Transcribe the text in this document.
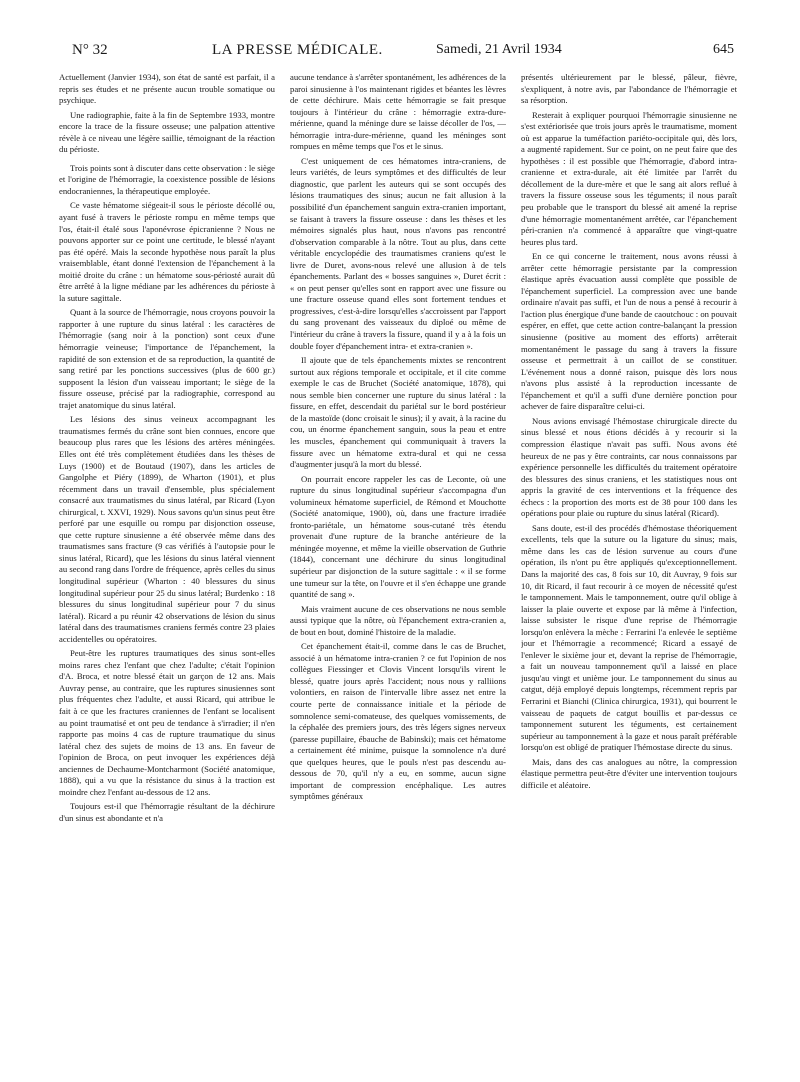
N° 32	LA PRESSE MÉDICALE.	Samedi, 21 Avril 1934	645

Actuellement (Janvier 1934), son état de santé est parfait, il a repris ses études et ne présente aucun trouble somatique ou psychique.

Une radiographie, faite à la fin de Septembre 1933, montre encore la trace de la fissure osseuse; une palpation attentive révèle à ce niveau une légère saillie, témoignant de la réaction du périoste.

Trois points sont à discuter dans cette observation : le siège et l'origine de l'hémorragie, la coexistence possible de lésions endocraniennes, la thérapeutique employée.

Ce vaste hématome siégeait-il sous le périoste décollé ou, ayant fusé à travers le périoste rompu en même temps que l'os, était-il étalé sous l'aponévrose épicranienne ? Nous ne pouvons apporter sur ce point une certitude, le blessé n'ayant pas été opéré. Mais la seconde hypothèse nous paraît la plus vraisemblable, étant donné l'extension de l'épanchement à la moitié droite du crâne : un hématome sous-périosté aurait dû être arrêté à la ligne médiane par les adhérences du périoste à la suture sagittale.

Quant à la source de l'hémorragie, nous croyons pouvoir la rapporter à une rupture du sinus latéral : les caractères de l'hémorragie (sang noir à la ponction) sont ceux d'une hémorragie veineuse; l'importance de l'épanchement, la rapidité de son extension et de sa reproduction, la quantité de sang retiré par les ponctions successives (plus de 600 gr.) supposent la lésion d'un vaisseau important; le siège de la fissure osseuse, précisé par la radiographie, correspond au trajet anatomique du sinus latéral.

Les lésions des sinus veineux accompagnant les traumatismes fermés du crâne sont bien connues, encore que beaucoup plus rares que les lésions des artères méningées. Elles ont été très complètement étudiées dans les thèses de Luys (1900) et de Boutaud (1907), dans les articles de Gangolphe et Piéry (1899), de Wharton (1901), et plus récemment dans un travail d'ensemble, plus spécialement consacré aux traumatismes du sinus latéral, par Ricard (Lyon chirurgical, t. XXVI, 1929). Nous savons qu'un sinus peut être perforé par une esquille ou rompu par disjonction osseuse, que cette rupture sinusienne a été observée même dans des traumatismes sans fracture (9 cas vérifiés à l'autopsie pour le sinus latéral, Ricard), que les lésions du sinus latéral viennent au second rang dans l'ordre de fréquence, après celles du sinus longitudinal supérieur (Wharton : 40 blessures du sinus longitudinal supérieur pour 25 du sinus latéral; Burdenko : 18 blessures du sinus longitudinal supérieur pour 7 du sinus latéral). Ricard a pu réunir 42 observations de lésion du sinus latéral dans des traumatismes craniens fermés contre 23 plaies accidentelles ou opératoires.

Peut-être les ruptures traumatiques des sinus sont-elles moins rares chez l'enfant que chez l'adulte; c'était l'opinion d'A. Broca, et notre blessé était un garçon de 12 ans. Mais Auvray pense, au contraire, que les ruptures sinusiennes sont plus fréquentes chez l'adulte, et aussi Ricard, qui attribue le fait à ce que les fractures craniennes de l'enfant se localisent au point traumatisé et ont peu de tendance à s'irradier; il n'en rapporte pas moins 4 cas de rupture traumatique du sinus latéral chez des sujets de moins de 13 ans. En faveur de l'opinion de Broca, on peut invoquer les expériences déjà anciennes de Dechaume-Montcharmont (Société anatomique, 1888), qui a vu que la résistance du sinus à la traction est moindre chez l'enfant au-dessous de 12 ans.

Toujours est-il que l'hémorragie résultant de la déchirure d'un sinus est abondante et n'a

aucune tendance à s'arrêter spontanément, les adhérences de la paroi sinusienne à l'os maintenant rigides et béantes les lèvres de cette déchirure. Mais cette hémorragie se fait presque toujours à l'intérieur du crâne : hémorragie extra-dure-mérienne, quand la méninge dure se laisse décoller de l'os, — hémorragie intra-dure-mérienne, quand les méninges sont rompues en même temps que l'os et le sinus.

C'est uniquement de ces hématomes intra-craniens, de leurs variétés, de leurs symptômes et des difficultés de leur diagnostic, que parlent les auteurs qui se sont occupés des lésions traumatiques des sinus; aucun ne fait allusion à la possibilité d'un épanchement sanguin extra-cranien important, se faisant à travers la fissure osseuse : dans les thèses et les mémoires signalés plus haut, nous n'avons pas rencontré d'observation comparable à la nôtre. Tout au plus, dans cette véritable encyclopédie des traumatismes craniens qu'est le livre de Duret, avons-nous relevé une allusion à de tels épanchements. Parlant des « bosses sanguines », Duret écrit : « on peut penser qu'elles sont en rapport avec une fissure ou une fracture osseuse quand elles sont fortement tendues et progressives, c'est-à-dire lorsqu'elles s'accroissent par l'apport du sang provenant des vaisseaux du diploé ou même de l'intérieur du crâne à travers la fissure, quand il y a à la fois un double foyer d'épanchement intra- et extra-cranien ».

Il ajoute que de tels épanchements mixtes se rencontrent surtout aux régions temporale et occipitale, et il cite comme exemple le cas de Bruchet (Société anatomique, 1878), qui nous semble bien concerner une rupture du sinus latéral : la fissure, en effet, descendait du pariétal sur le bord postérieur de la mastoïde (donc croisait le sinus); il y avait, à la racine du cou, un énorme épanchement sanguin, sous la peau et entre les muscles, épanchement qui communiquait à travers la fissure avec un hématome extra-dural et qui ne cessa d'augmenter jusqu'à la mort du blessé.

On pourrait encore rappeler les cas de Leconte, où une rupture du sinus longitudinal supérieur s'accompagna d'un volumineux hématome superficiel, de Rémond et Mouchotte (Société anatomique, 1900), où, dans une fracture irradiée fronto-pariétale, un hématome sous-cutané très étendu provenait d'une rupture de la branche antérieure de la méningée moyenne, et même la vieille observation de Guthrie (1844), concernant une déchirure du sinus longitudinal supérieur par disjonction de la suture sagittale : « il se forme une tumeur sur la tête, on l'ouvre et il s'en échappe une grande quantité de sang ».

Mais vraiment aucune de ces observations ne nous semble aussi typique que la nôtre, où l'épanchement extra-cranien a, de bout en bout, dominé l'histoire de la maladie.

Cet épanchement était-il, comme dans le cas de Bruchet, associé à un hématome intra-cranien ? ce fut l'opinion de nos collègues Fiessinger et Clovis Vincent lorsqu'ils virent le blessé, quatre jours après l'accident; nous nous y ralliions volontiers, en raison de l'intervalle libre assez net entre la courte perte de connaissance initiale et la période de somnolence semi-comateuse, des quelques vomissements, de la céphalée des premiers jours, des très légers signes nerveux (paresse pupillaire, ébauche de Babinski); mais cet hématome a certainement été minime, puisque la somnolence n'a duré que quelques heures, que le pouls n'est pas descendu au-dessous de 70, qu'il n'y a eu, en somme, aucun signe important de compression encéphalique. Les autres symptômes généraux

présentés ultérieurement par le blessé, pâleur, fièvre, s'expliquent, à notre avis, par l'abondance de l'hémorragie et sa résorption.

Resterait à expliquer pourquoi l'hémorragie sinusienne ne s'est extériorisée que trois jours après le traumatisme, moment où est apparue la tuméfaction pariéto-occipitale qui, dès lors, a augmenté rapidement. Sur ce point, on ne peut faire que des hypothèses : il est possible que l'hémorragie, d'abord intra-cranienne et extra-durale, ait été limitée par l'arrêt du décollement de la dure-mère et que le sang ait alors reflué à travers la fissure osseuse sous les téguments; il nous paraît peu probable que le transport du blessé ait amené la reprise d'une hémorragie momentanément arrêtée, car l'épanchement péri-cranien n'a commencé à apparaître que vingt-quatre heures plus tard.

En ce qui concerne le traitement, nous avons réussi à arrêter cette hémorragie persistante par la compression élastique après évacuation aussi complète que possible de l'épanchement superficiel. La compression avec une bande ordinaire n'avait pas suffi, et l'un de nous a pensé à recourir à l'action plus énergique d'une bande de caoutchouc : on pouvait espérer, en effet, que cette action contre-balançant la pression sinusienne (positive au moment des efforts) arrêterait momentanément le passage du sang à travers la fissure osseuse et permettrait à un caillot de se constituer. L'événement nous a donné raison, puisque dès lors nous n'avons plus assisté à la reproduction incessante de l'épanchement et qu'il a suffi d'une dernière ponction pour achever de faire disparaître celui-ci.

Nous avions envisagé l'hémostase chirurgicale directe du sinus blessé et nous étions décidés à y recourir si la compression élastique n'avait pas suffi. Nous avons été heureux de ne pas y être contraints, car nous connaissons par expérience personnelle les difficultés du traitement opératoire des blessures des sinus craniens, et les statistiques nous ont appris la gravité de ces interventions et la fréquence des échecs : la proportion des morts est de 38 pour 100 dans les opérations pour plaie ou rupture du sinus latéral (Ricard).

Sans doute, est-il des procédés d'hémostase théoriquement excellents, tels que la suture ou la ligature du sinus; mais, même dans les cas de lésion survenue au cours d'une opération, ils n'ont pu être appliqués qu'exceptionnellement. Dans la majorité des cas, 8 fois sur 10, dit Auvray, 9 fois sur 10, dit Ricard, il faut recourir à ce moyen de nécessité qu'est le tamponnement. Mais le tamponnement, outre qu'il oblige à laisser la plaie ouverte et expose par là même à l'infection, laisse subsister le risque d'une reprise de l'hémorragie lorsqu'on enlèvera la mèche : Ferrarini l'a enlevée le septième jour et l'hémorragie a recommencé; Ricard a essayé de l'enlever le sixième jour et, devant la reprise de l'hémorragie, a fait un nouveau tamponnement qu'il a laissé en place jusqu'au vingt et unième jour. Le tamponnement du sinus au catgut, déjà employé depuis longtemps, récemment repris par Ferrarini et Bianchi (Clinica chirurgica, 1931), qui bourrent le vaisseau de paquets de catgut bouillis et par-dessus ce tamponnement suturent les téguments, est certainement supérieur au tamponnement à la gaze et nous paraît préférable lorsqu'on est obligé de pratiquer l'hémostase directe du sinus.

Mais, dans des cas analogues au nôtre, la compression élastique permettra peut-être d'éviter une intervention toujours difficile et aléatoire.
